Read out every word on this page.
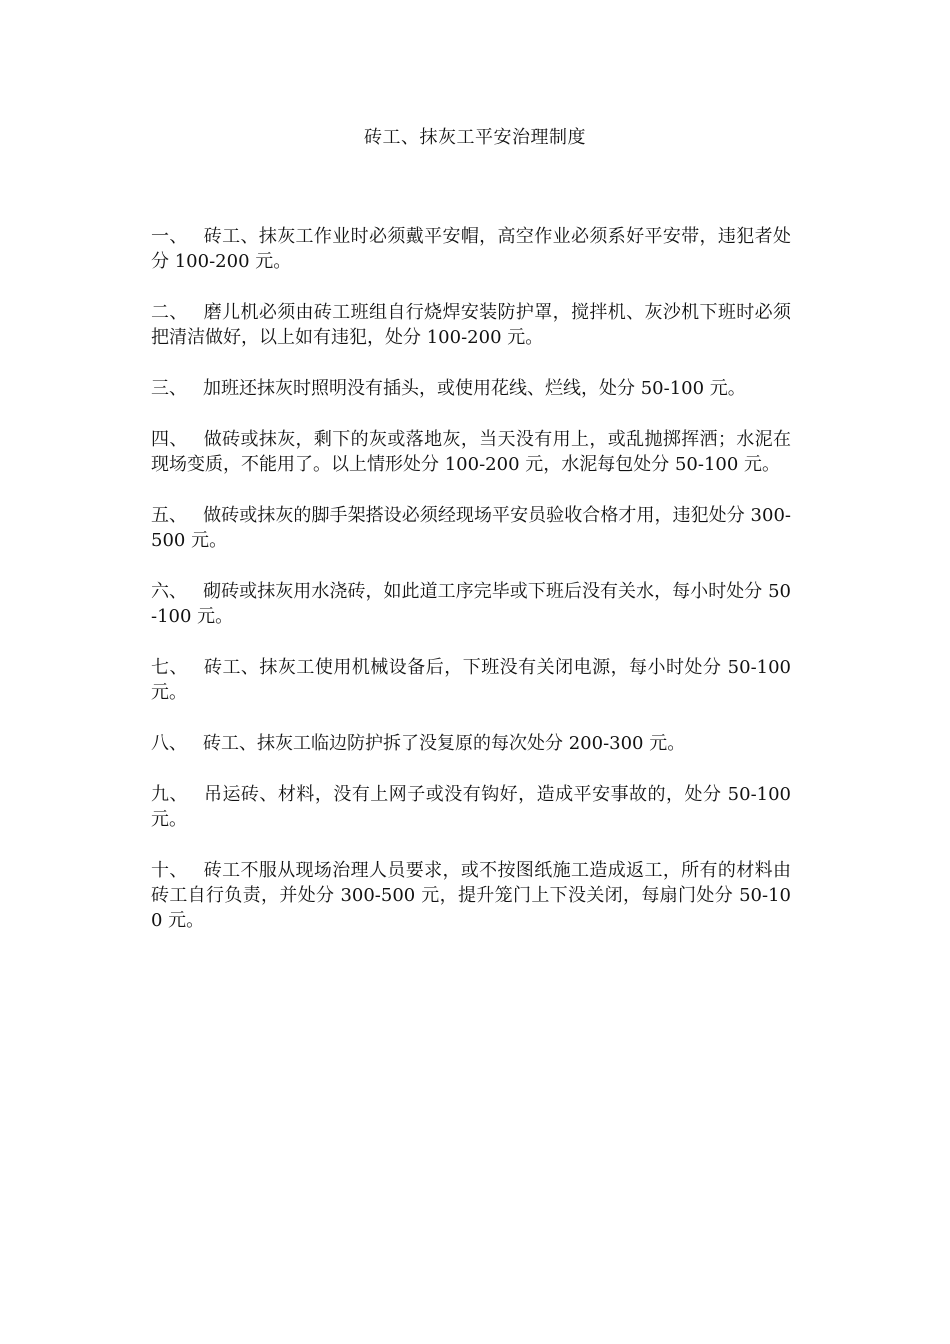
砖工、抹灰工平安治理制度

一、 砖工、抹灰工作业时必须戴平安帽，高空作业必须系好平安带，违犯者处分 100-200 元。

二、 磨儿机必须由砖工班组自行烧焊安装防护罩，搅拌机、灰沙机下班时必须把清洁做好，以上如有违犯，处分 100-200 元。

三、 加班还抹灰时照明没有插头，或使用花线、烂线，处分 50-100 元。

四、 做砖或抹灰，剩下的灰或落地灰，当天没有用上，或乱抛掷挥洒；水泥在现场变质，不能用了。以上情形处分 100-200 元，水泥每包处分 50-100 元。

五、 做砖或抹灰的脚手架搭设必须经现场平安员验收合格才用，违犯处分 300-500 元。

六、 砌砖或抹灰用水浇砖，如此道工序完毕或下班后没有关水，每小时处分 50-100 元。

七、 砖工、抹灰工使用机械设备后，下班没有关闭电源，每小时处分 50-100 元。

八、 砖工、抹灰工临边防护拆了没复原的每次处分 200-300 元。

九、 吊运砖、材料，没有上网子或没有钩好，造成平安事故的，处分 50-100 元。

十、 砖工不服从现场治理人员要求，或不按图纸施工造成返工，所有的材料由砖工自行负责，并处分 300-500 元，提升笼门上下没关闭，每扇门处分 50-100 元。
